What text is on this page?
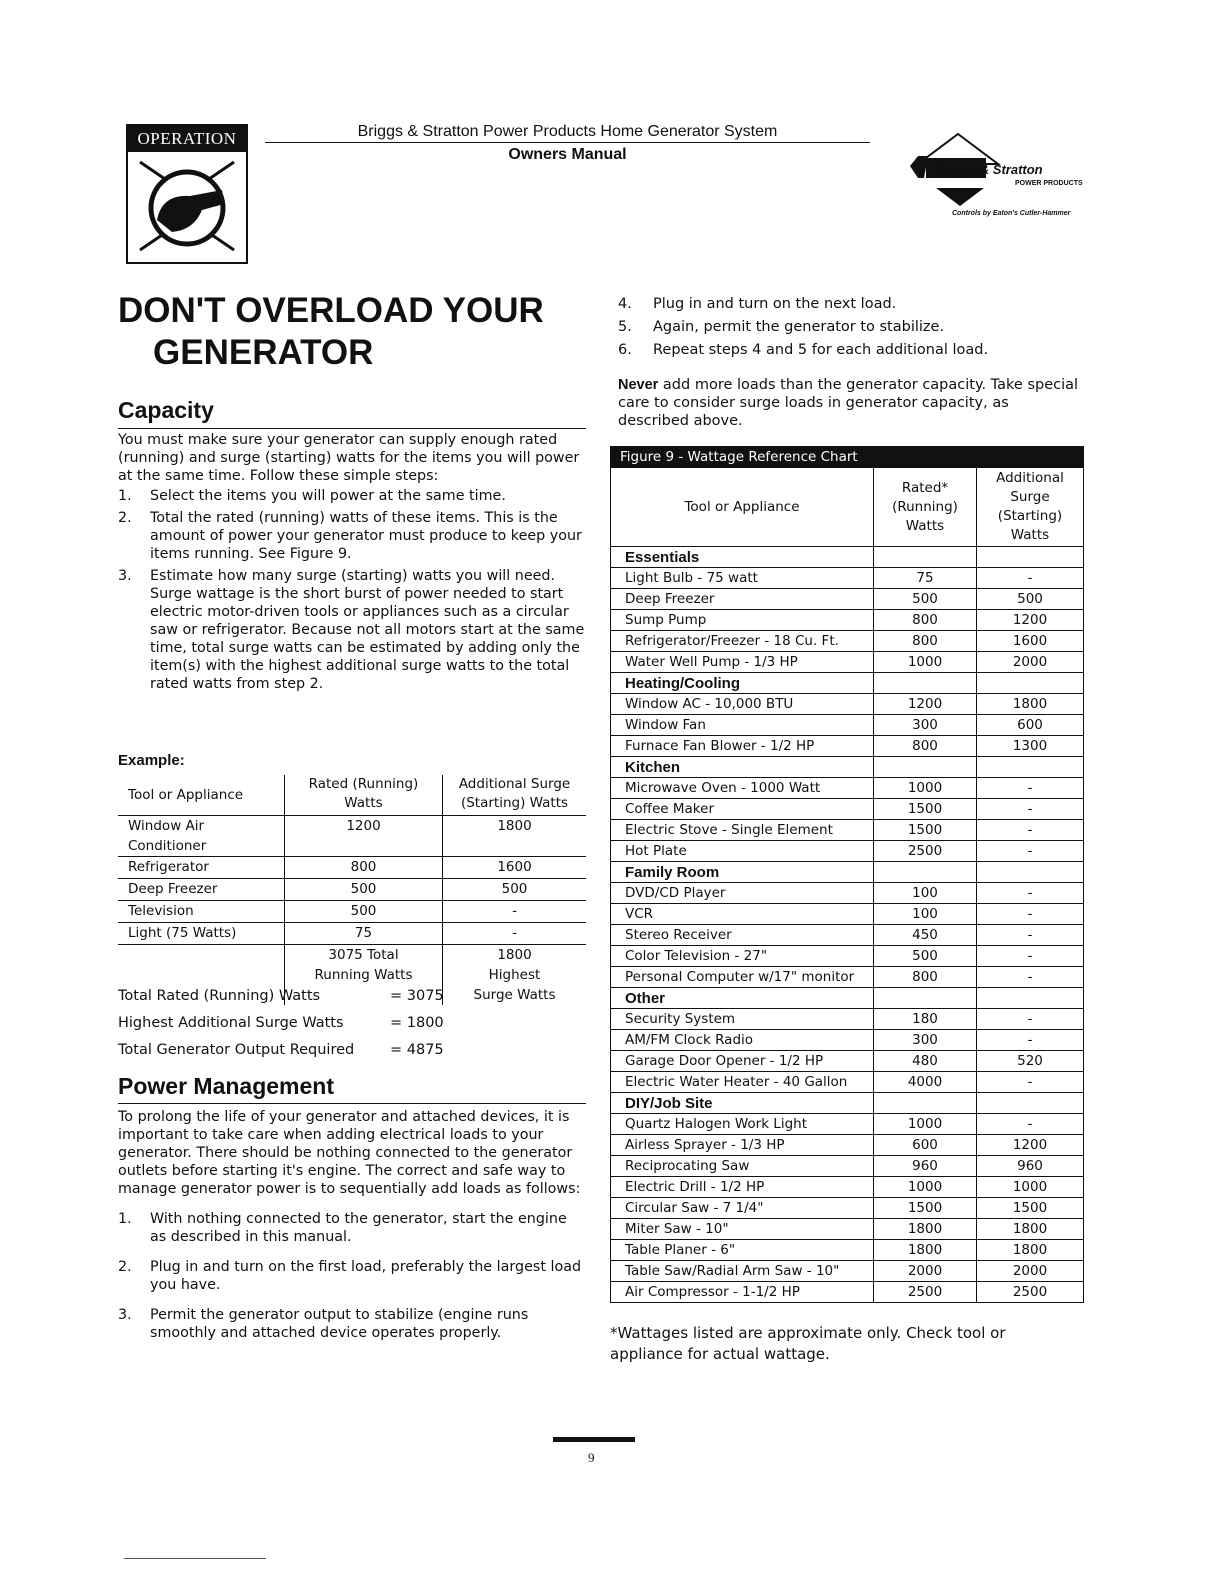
OPERATION	Briggs & Stratton Power Products Home Generator System
Owners Manual
Briggs & Stratton
POWER PRODUCTS
Controls by Eaton's Cutler-Hammer
DON'T OVERLOAD YOUR
GENERATOR
Capacity
You must make sure your generator can supply enough rated (running) and surge (starting) watts for the items you will power at the same time. Follow these simple steps:
1. Select the items you will power at the same time.
2. Total the rated (running) watts of these items. This is the amount of power your generator must produce to keep your items running. See Figure 9.
3. Estimate how many surge (starting) watts you will need. Surge wattage is the short burst of power needed to start electric motor-driven tools or appliances such as a circular saw or refrigerator. Because not all motors start at the same time, total surge watts can be estimated by adding only the item(s) with the highest additional surge watts to the total rated watts from step 2.
Example:
Tool or Appliance	Rated (Running) Watts	Additional Surge (Starting) Watts
Window Air Conditioner	1200	1800
Refrigerator	800	1600
Deep Freezer	500	500
Television	500	-
Light (75 Watts)	75	-
	3075 Total Running Watts	1800 Highest Surge Watts
Total Rated (Running) Watts	= 3075
Highest Additional Surge Watts	= 1800
Total Generator Output Required = 4875
Power Management
To prolong the life of your generator and attached devices, it is important to take care when adding electrical loads to your generator. There should be nothing connected to the generator outlets before starting it's engine. The correct and safe way to manage generator power is to sequentially add loads as follows:
1. With nothing connected to the generator, start the engine as described in this manual.
2. Plug in and turn on the first load, preferably the largest load you have.
3. Permit the generator output to stabilize (engine runs smoothly and attached device operates properly.
4. Plug in and turn on the next load.
5. Again, permit the generator to stabilize.
6. Repeat steps 4 and 5 for each additional load.
Never add more loads than the generator capacity. Take special care to consider surge loads in generator capacity, as described above.
Figure 9 - Wattage Reference Chart
Tool or Appliance	Rated* (Running) Watts	Additional Surge (Starting) Watts
Essentials		
Light Bulb - 75 watt	75	-
Deep Freezer	500	500
Sump Pump	800	1200
Refrigerator/Freezer - 18 Cu. Ft.	800	1600
Water Well Pump - 1/3 HP	1000	2000
Heating/Cooling		
Window AC - 10,000 BTU	1200	1800
Window Fan	300	600
Furnace Fan Blower - 1/2 HP	800	1300
Kitchen		
Microwave Oven - 1000 Watt	1000	-
Coffee Maker	1500	-
Electric Stove - Single Element	1500	-
Hot Plate	2500	-
Family Room		
DVD/CD Player	100	-
VCR	100	-
Stereo Receiver	450	-
Color Television - 27"	500	-
Personal Computer w/17" monitor	800	-
Other		
Security System	180	-
AM/FM Clock Radio	300	-
Garage Door Opener - 1/2 HP	480	520
Electric Water Heater - 40 Gallon	4000	-
DIY/Job Site		
Quartz Halogen Work Light	1000	-
Airless Sprayer - 1/3 HP	600	1200
Reciprocating Saw	960	960
Electric Drill - 1/2 HP	1000	1000
Circular Saw - 7 1/4"	1500	1500
Miter Saw - 10"	1800	1800
Table Planer - 6"	1800	1800
Table Saw/Radial Arm Saw - 10"	2000	2000
Air Compressor - 1-1/2 HP	2500	2500
*Wattages listed are approximate only. Check tool or appliance for actual wattage.
9
